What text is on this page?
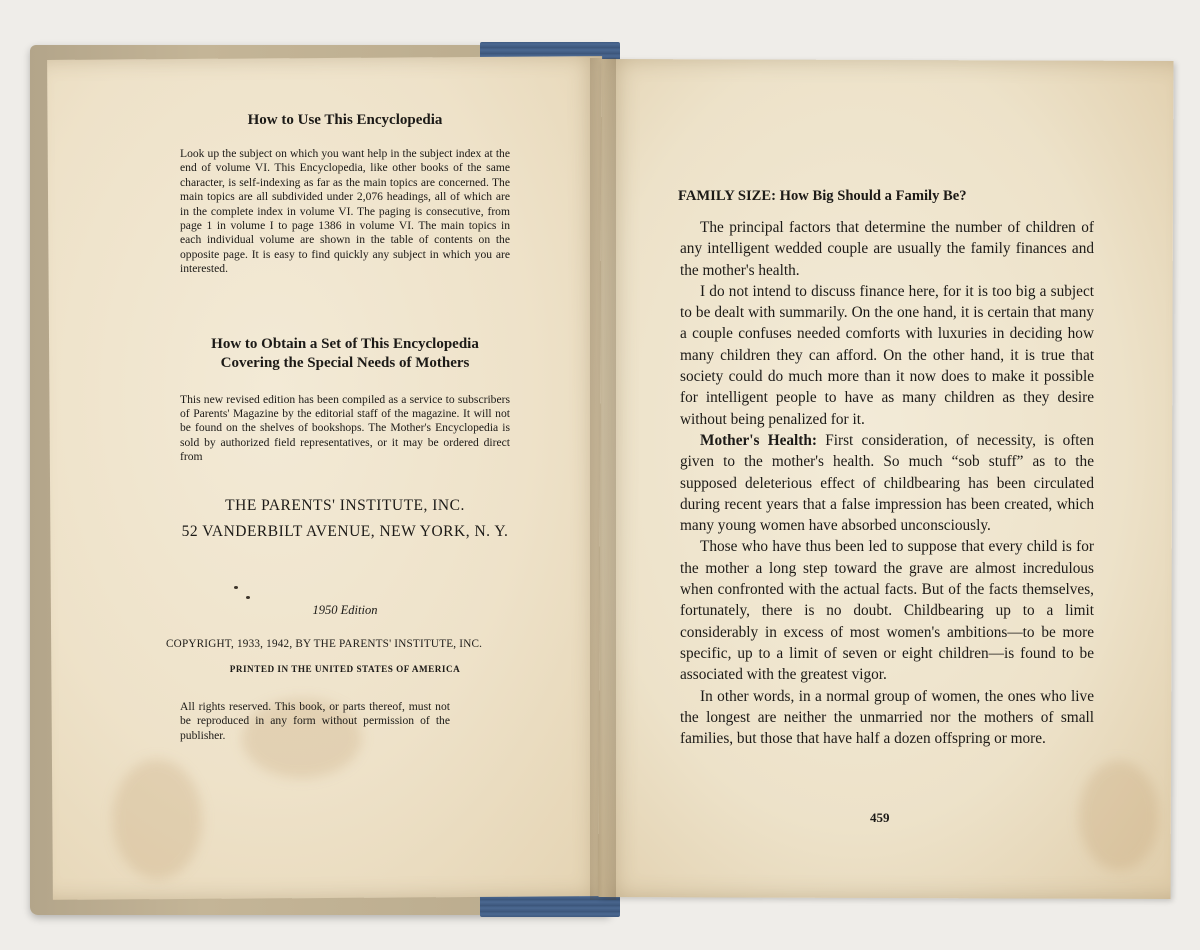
How to Use This Encyclopedia

Look up the subject on which you want help in the subject index at the end of volume VI. This Encyclopedia, like other books of the same character, is self-indexing as far as the main topics are concerned. The main topics are all subdivided under 2,076 headings, all of which are in the complete index in volume VI. The paging is consecutive, from page 1 in volume I to page 1386 in volume VI. The main topics in each individual volume are shown in the table of contents on the opposite page. It is easy to find quickly any subject in which you are interested.

How to Obtain a Set of This Encyclopedia
Covering the Special Needs of Mothers

This new revised edition has been compiled as a service to subscribers of Parents' Magazine by the editorial staff of the magazine. It will not be found on the shelves of bookshops. The Mother's Encyclopedia is sold by authorized field representatives, or it may be ordered direct from

THE PARENTS' INSTITUTE, INC.
52 VANDERBILT AVENUE, NEW YORK, N. Y.
1950 Edition
COPYRIGHT, 1933, 1942, BY THE PARENTS' INSTITUTE, INC.
PRINTED IN THE UNITED STATES OF AMERICA

All rights reserved. This book, or parts thereof, must not be reproduced in any form without permission of the publisher.

FAMILY SIZE: How Big Should a Family Be?

The principal factors that determine the number of children of any intelligent wedded couple are usually the family finances and the mother's health.

I do not intend to discuss finance here, for it is too big a subject to be dealt with summarily. On the one hand, it is certain that many a couple confuses needed comforts with luxuries in deciding how many children they can afford. On the other hand, it is true that society could do much more than it now does to make it possible for intelligent people to have as many children as they desire without being penalized for it.

Mother's Health: First consideration, of necessity, is often given to the mother's health. So much “sob stuff” as to the supposed deleterious effect of childbearing has been circulated during recent years that a false impression has been created, which many young women have absorbed unconsciously.

Those who have thus been led to suppose that every child is for the mother a long step toward the grave are almost incredulous when confronted with the actual facts. But of the facts themselves, fortunately, there is no doubt. Childbearing up to a limit considerably in excess of most women's ambitions—to be more specific, up to a limit of seven or eight children—is found to be associated with the greatest vigor.

In other words, in a normal group of women, the ones who live the longest are neither the unmarried nor the mothers of small families, but those that have half a dozen offspring or more.

459
